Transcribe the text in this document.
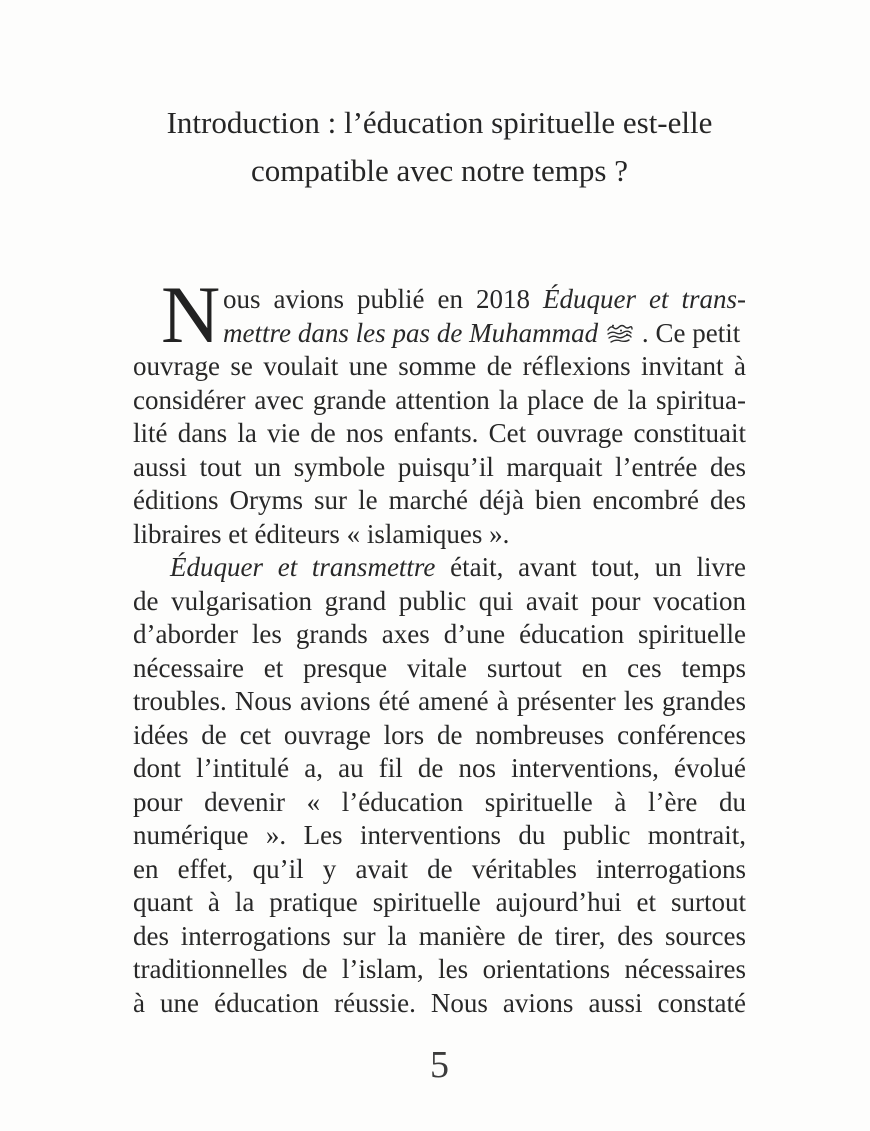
Introduction : l’éducation spirituelle est-elle
compatible avec notre temps ?
N ous avions publié en 2018 Éduquer et trans-
mettre dans les pas de Muhammad
. Ce petit
ouvrage se voulait une somme de réflexions invitant à
considérer avec grande attention la place de la spiritua-
lité dans la vie de nos enfants. Cet ouvrage constituait
aussi tout un symbole puisqu’il marquait l’entrée des
éditions Oryms sur le marché déjà bien encombré des
libraires et éditeurs « islamiques ».
Éduquer et transmettre était, avant tout, un livre
de vulgarisation grand public qui avait pour vocation
d’aborder les grands axes d’une éducation spirituelle
nécessaire et presque vitale surtout en ces temps
troubles. Nous avions été amené à présenter les grandes
idées de cet ouvrage lors de nombreuses conférences
dont l’intitulé a, au fil de nos interventions, évolué
pour devenir « l’éducation spirituelle à l’ère du
numérique ». Les interventions du public montrait,
en effet, qu’il y avait de véritables interrogations
quant à la pratique spirituelle aujourd’hui et surtout
des interrogations sur la manière de tirer, des sources
traditionnelles de l’islam, les orientations nécessaires
à une éducation réussie. Nous avions aussi constaté
5
